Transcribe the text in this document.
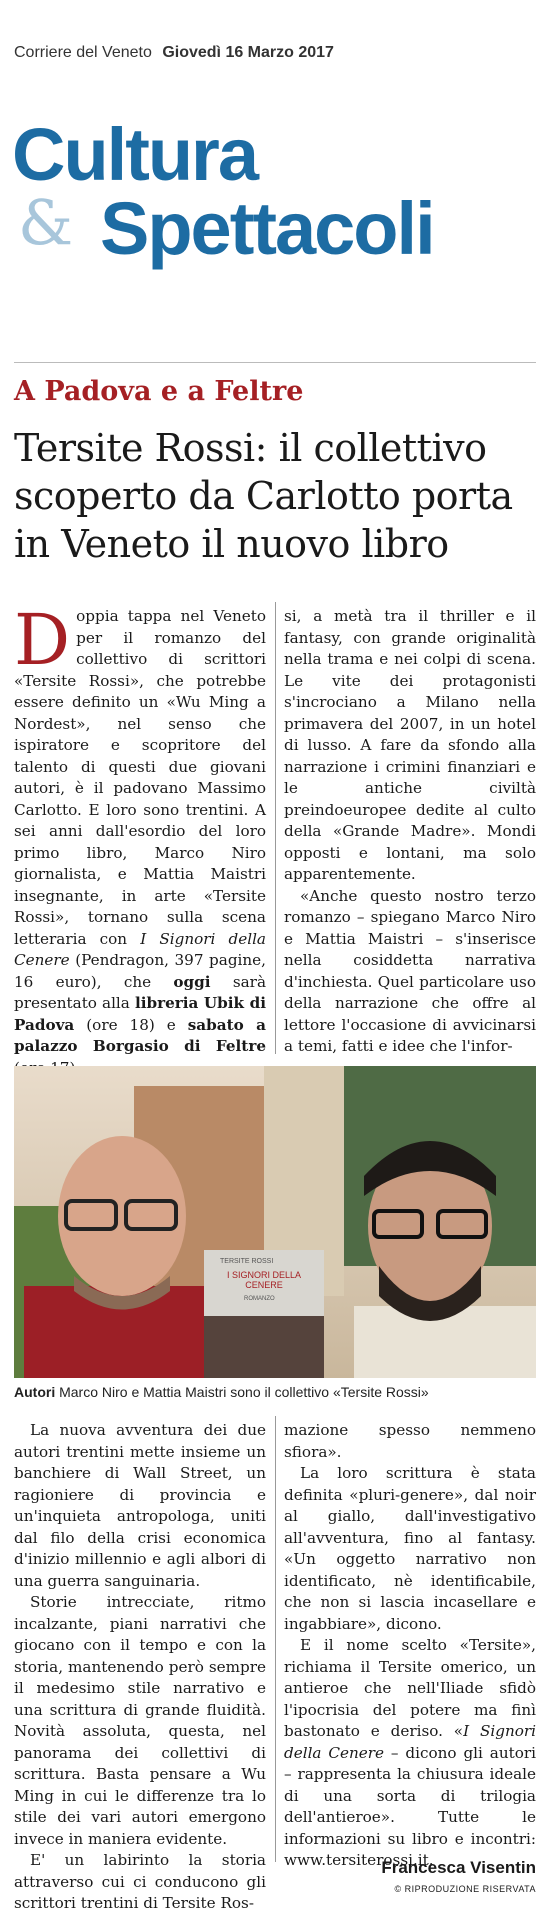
Corriere del Veneto Giovedì 16 Marzo 2017
Cultura
& Spettacoli
A Padova e a Feltre
Tersite Rossi: il collettivo scoperto da Carlotto porta in Veneto il nuovo libro

Doppia tappa nel Veneto per il romanzo del collettivo di scrittori «Tersite Rossi», che potrebbe essere definito un «Wu Ming a Nordest», nel senso che ispiratore e scopritore del talento di questi due giovani autori, è il padovano Massimo Carlotto. E loro sono trentini. A sei anni dall'esordio del loro primo libro, Marco Niro giornalista, e Mattia Maistri insegnante, in arte «Tersite Rossi», tornano sulla scena letteraria con I Signori della Cenere (Pendragon, 397 pagine, 16 euro), che oggi sarà presentato alla libreria Ubik di Padova (ore 18) e sabato a palazzo Borgasio di Feltre

si, a metà tra il thriller e il fantasy, con grande originalità nella trama e nei colpi di scena. Le vite dei protagonisti s'incrociano a Milano nella primavera del 2007, in un hotel di lusso. A fare da sfondo alla narrazione i crimini finanziari e le antiche civiltà preindoeuropee dedite al culto della «Grande Madre». Mondi opposti e lontani, ma solo apparentemente.

«Anche questo nostro terzo romanzo – spiegano Marco Niro e Mattia Maistri – s'inserisce nella cosiddetta narrativa d'inchiesta. Quel particolare uso della narrazione che offre al lettore l'occasione di avvicinarsi a temi, fatti e idee che l'infor-

TERSITE ROSSI
I SIGNORI DELLA CENERE
ROMANZO
Autori Marco Niro e Mattia Maistri sono il collettivo «Tersite Rossi»

La nuova avventura dei due autori trentini mette insieme un banchiere di Wall Street, un ragioniere di provincia e un'inquieta antropologa, uniti dal filo della crisi economica d'inizio millennio e agli albori di una guerra sanguinaria.

Storie intrecciate, ritmo incalzante, piani narrativi che giocano con il tempo e con la storia, mantenendo però sempre il medesimo stile narrativo e una scrittura di grande fluidità. Novità assoluta, questa, nel panorama dei collettivi di scrittura. Basta pensare a Wu Ming in cui le differenze tra lo stile dei vari autori emergono invece in maniera evidente.

E' un labirinto la storia attraverso cui ci conducono gli scrittori trentini di Tersite Ros-

mazione spesso nemmeno sfiora».

La loro scrittura è stata definita «pluri-genere», dal noir al giallo, dall'investigativo all'avventura, fino al fantasy. «Un oggetto narrativo non identificato, nè identificabile, che non si lascia incasellare e ingabbiare», dicono.

E il nome scelto «Tersite», richiama il Tersite omerico, un antieroe che nell'Iliade sfidò l'ipocrisia del potere ma finì bastonato e deriso. «I Signori della Cenere – dicono gli autori – rappresenta la chiusura ideale di una sorta di trilogia dell'antieroe». Tutte le informazioni su libro e incontri: www.tersiterossi.it.

Francesca Visentin
© RIPRODUZIONE RISERVATA
